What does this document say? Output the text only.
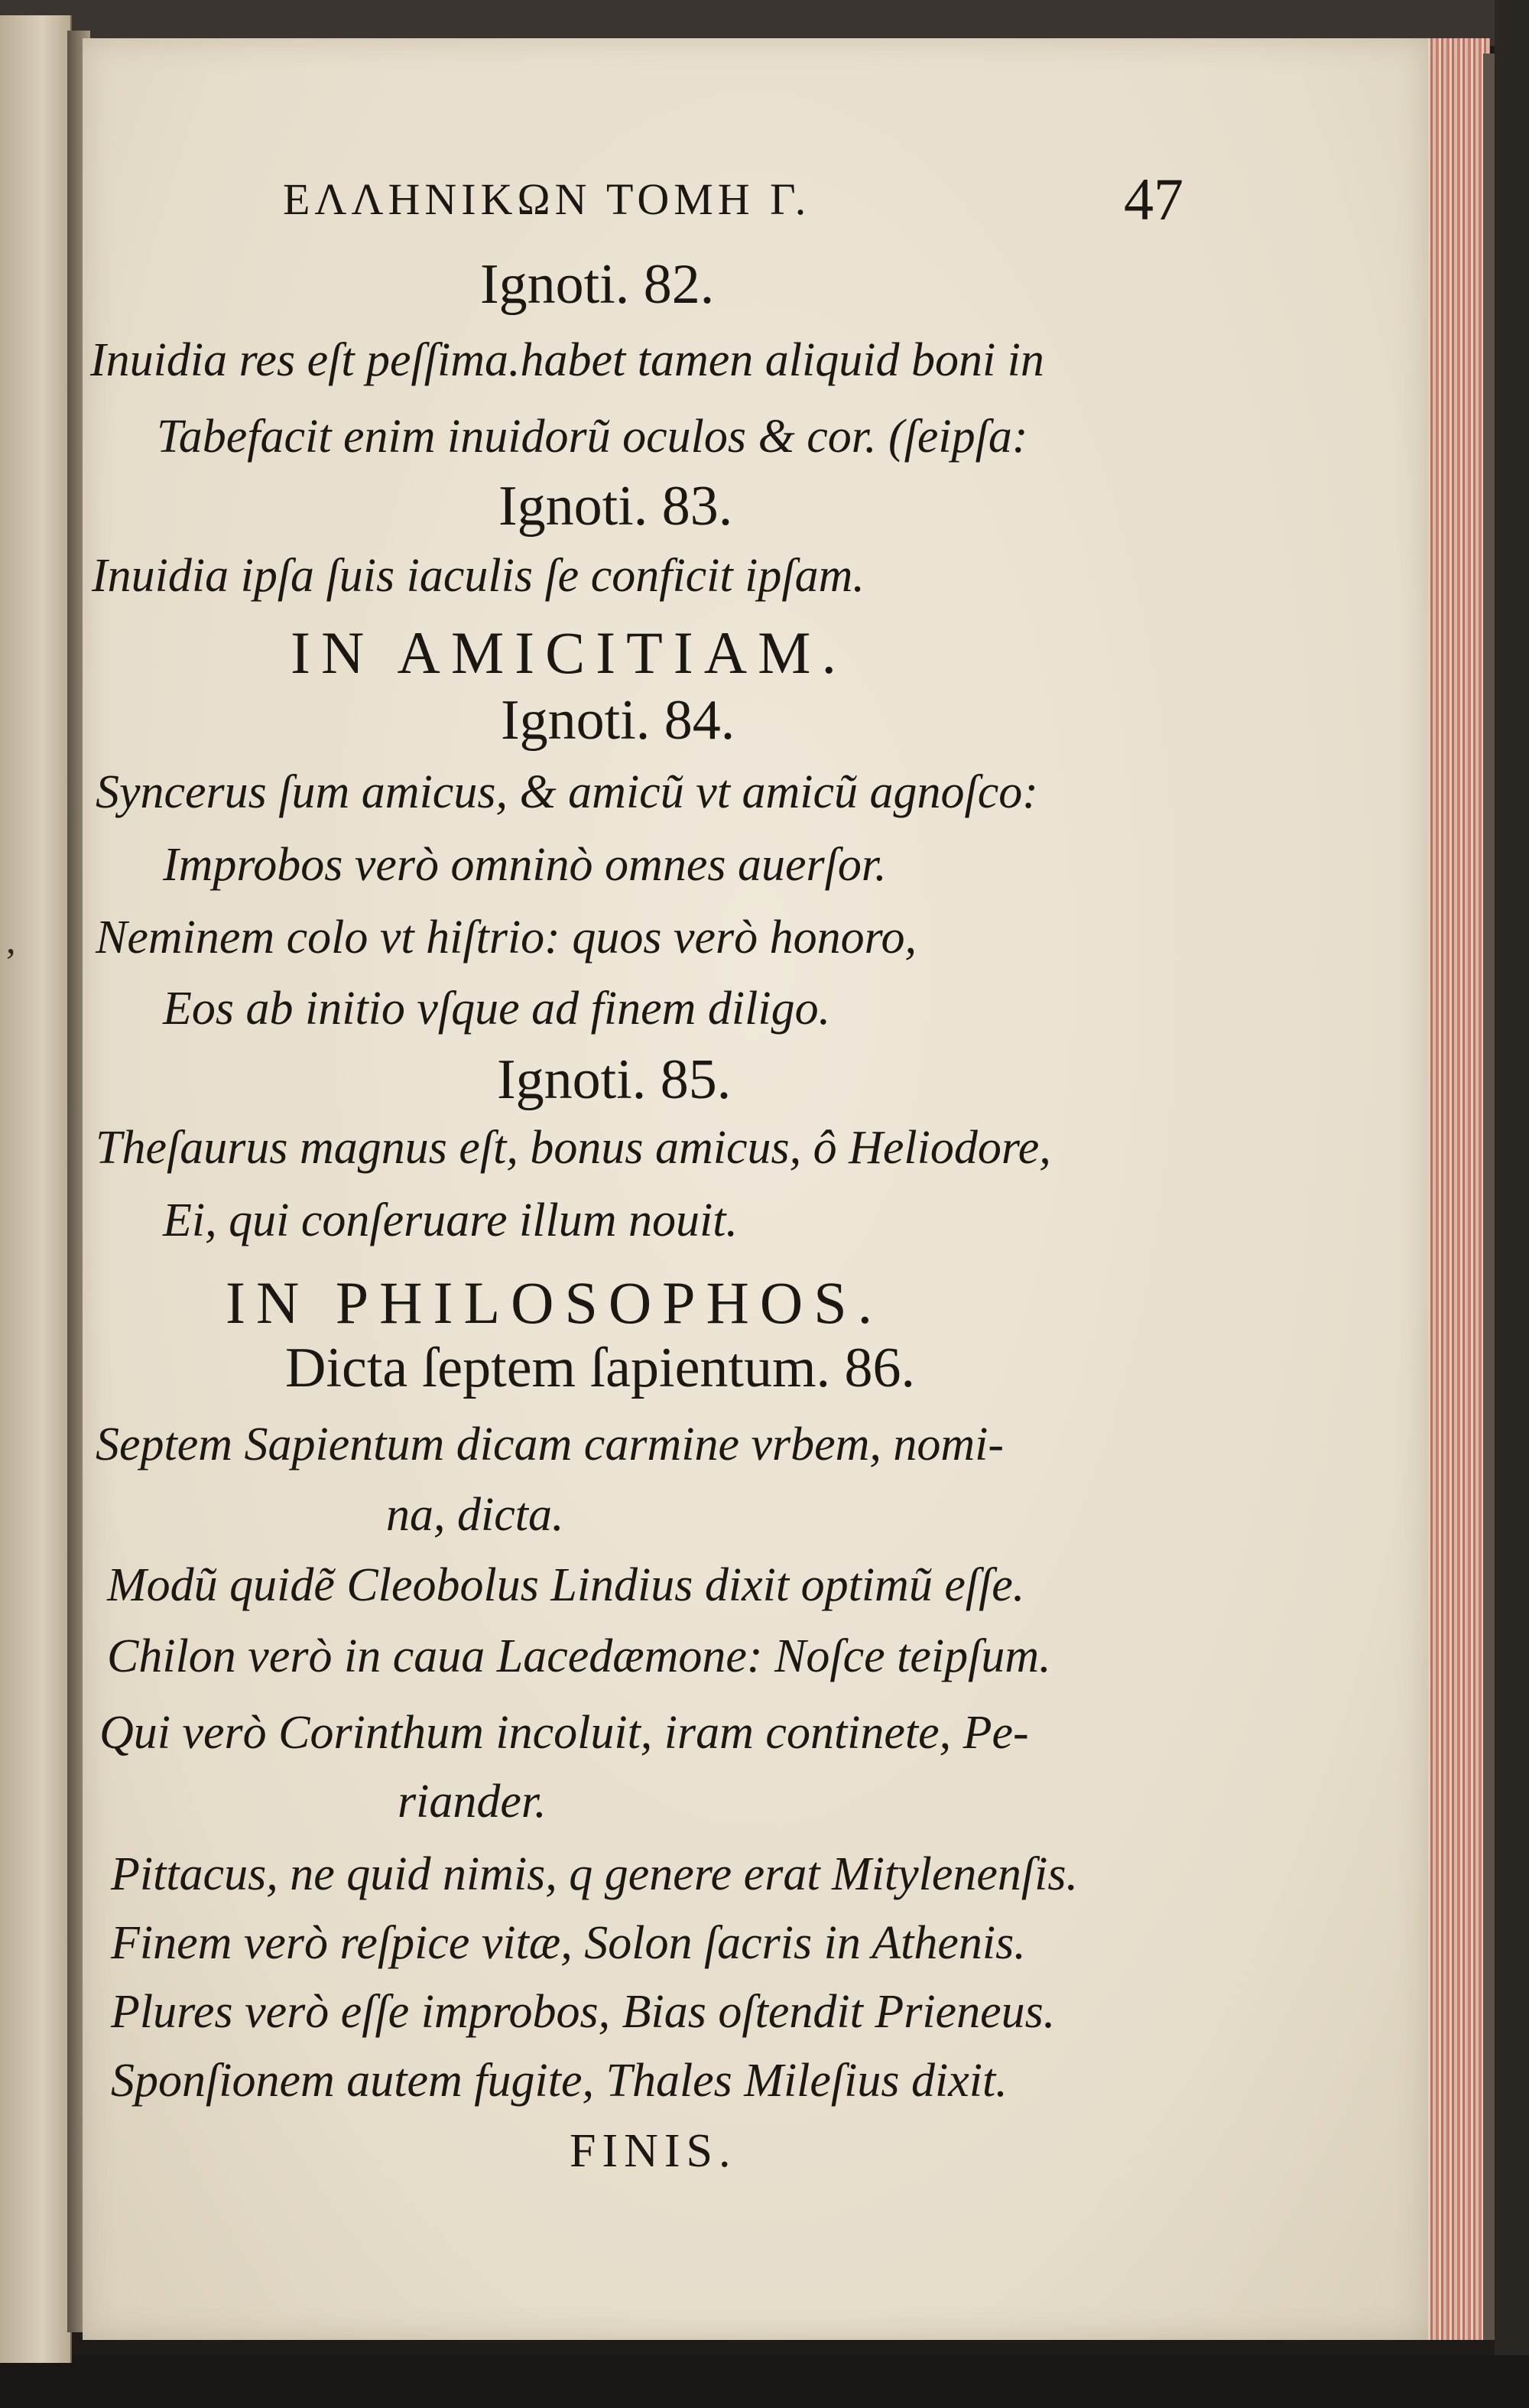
,
ΕΛΛΗΝΙΚΩΝ ΤΟΜΗ Γ.	47
Ignoti. 82.
Inuidia res eſt peſſima.habet tamen aliquid boni in
Tabefacit enim inuidorũ oculos & cor. (ſeipſa:
Ignoti. 83.
Inuidia ipſa ſuis iaculis ſe conficit ipſam.
IN AMICITIAM.
Ignoti. 84.
Syncerus ſum amicus, & amicũ vt amicũ agnoſco:
Improbos verò omninò omnes auerſor.
Neminem colo vt hiſtrio: quos verò honoro,
Eos ab initio vſque ad finem diligo.
Ignoti. 85.
Theſaurus magnus eſt, bonus amicus, ô Heliodore,
Ei, qui conſeruare illum nouit.
IN PHILOSOPHOS.
Dicta ſeptem ſapientum. 86.
Septem Sapientum dicam carmine vrbem, nomi-
na, dicta.
Modũ quidẽ Cleobolus Lindius dixit optimũ eſſe.
Chilon verò in caua Lacedæmone: Noſce teipſum.
Qui verò Corinthum incoluit, iram continete, Pe-
riander.
Pittacus, ne quid nimis, q genere erat Mitylenenſis.
Finem verò reſpice vitæ, Solon ſacris in Athenis.
Plures verò eſſe improbos, Bias oſtendit Prieneus.
Sponſionem autem fugite, Thales Mileſius dixit.
FINIS.
